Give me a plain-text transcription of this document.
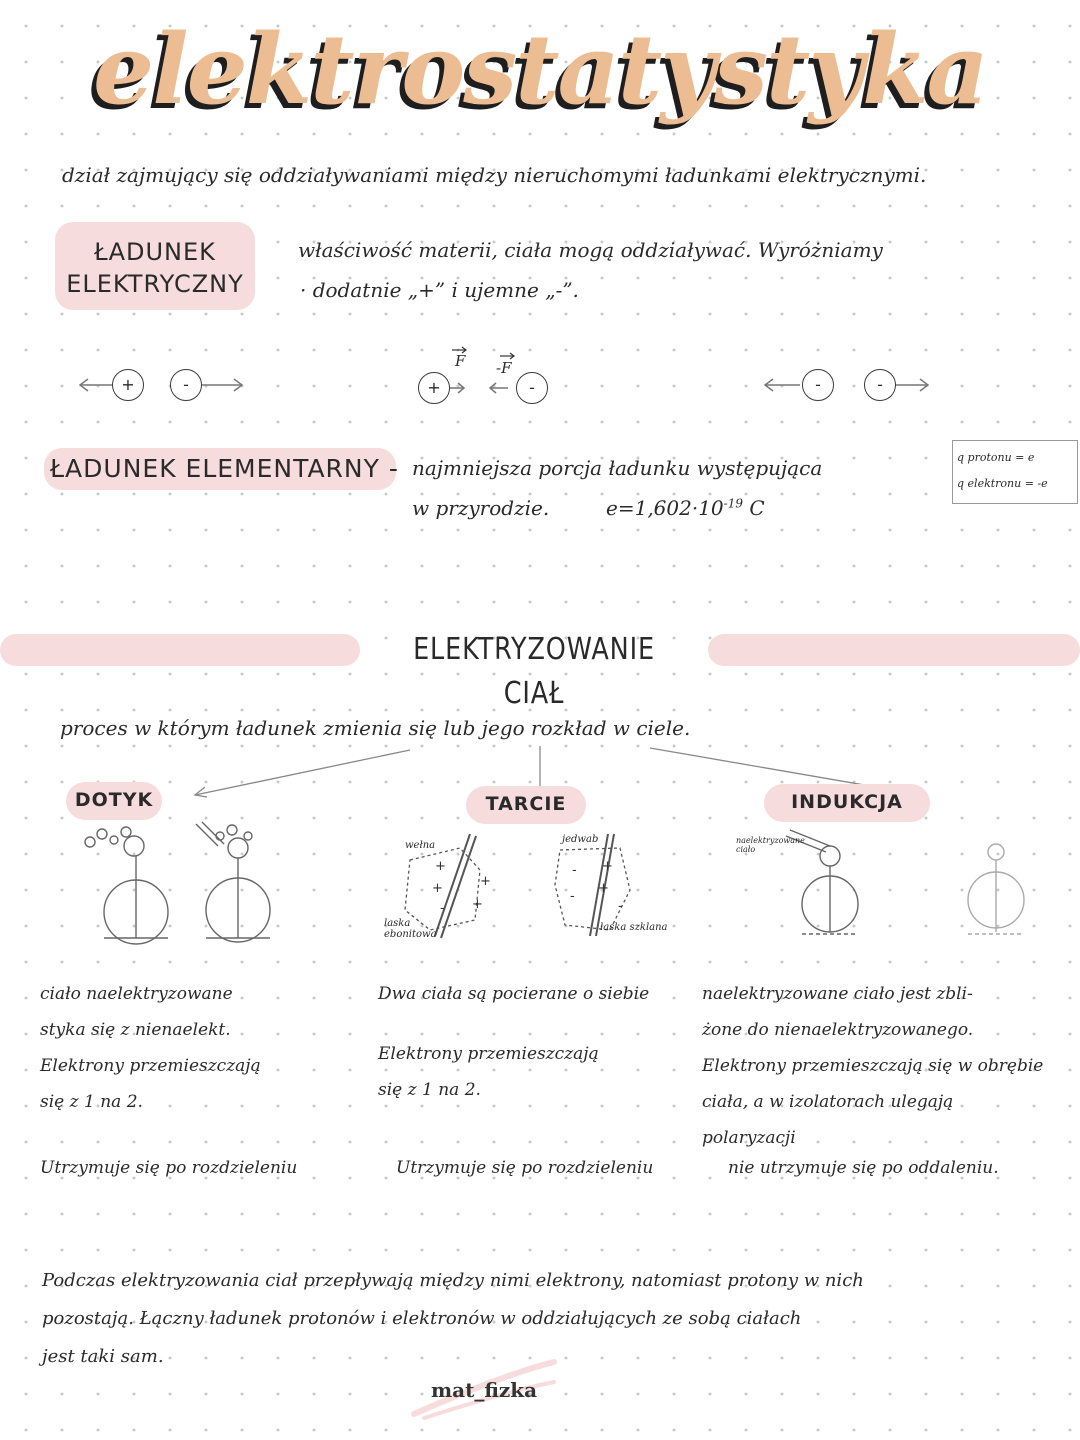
elektrostatystyka
dział zajmujący się oddziaływaniami między nieruchomymi ładunkami elektrycznymi.
ŁADUNEK
ELEKTRYCZNY
właściwość materii, ciała mogą oddziaływać. Wyróżniamy
· dodatnie „+” i ujemne „-”.
+	-	+	-
F -F
-	-
ŁADUNEK ELEMENTARNY - najmniejsza porcja ładunku występująca
w przyrodzie.	$e=1,602\cdot 10^{-19}$ C
q protonu = e
q elektronu = -e
ELEKTRYZOWANIE CIAŁ
proces w którym ładunek zmienia się lub jego rozkład w ciele.
DOTYK	TARCIE	INDUKCJA
+
+
-
+
+
-
-
+
+
-
wełna
laska ebonitowa
jedwab
laska szklana
naelektryzowane ciało
ciało naelektryzowane
styka się z nienaelekt.
Elektrony przemieszczają
się z 1 na 2.
Utrzymuje się po rozdzieleniu
Dwa ciała są pocierane o siebie
Elektrony przemieszczają
się z 1 na 2.
Utrzymuje się po rozdzieleniu
naelektryzowane ciało jest zbli-
żone do nienaelektryzowanego.
Elektrony przemieszczają się w obrębie
ciała, a w izolatorach ulegają
polaryzacji
nie utrzymuje się po oddaleniu.
Podczas elektryzowania ciał przepływają między nimi elektrony, natomiast protony w nich
pozostają. Łączny ładunek protonów i elektronów w oddziałujących ze sobą ciałach
jest taki sam.
mat_fizka
